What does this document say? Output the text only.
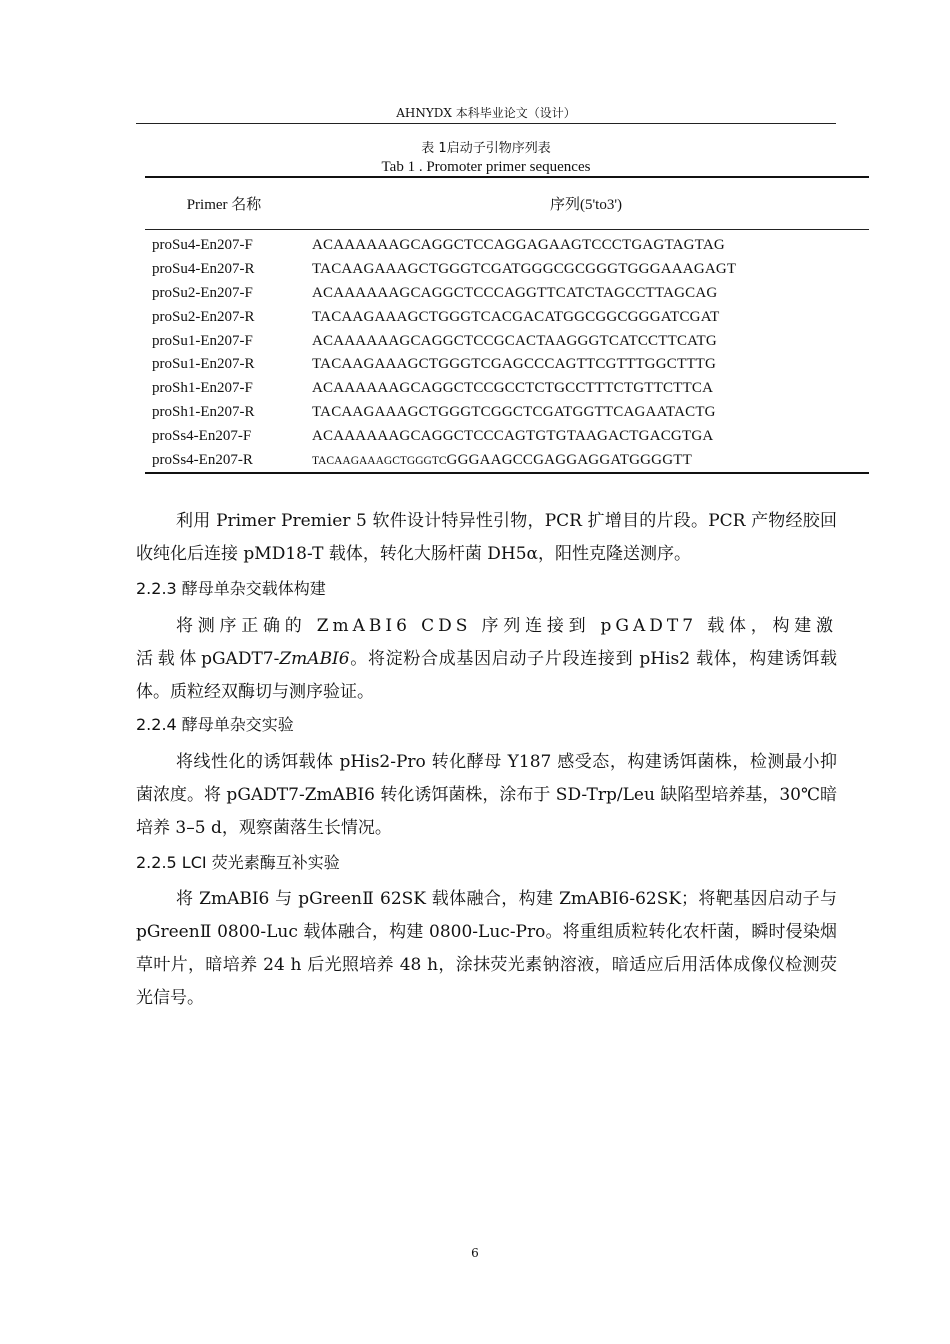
AHNYDX 本科毕业论文（设计）
表 1启动子引物序列表
Tab 1 . Promoter primer sequences
Primer 名称	序列(5'to3')
proSu4-En207-F	ACAAAAAAGCAGGCTCCAGGAGAAGTCCCTGAGTAGTAG
proSu4-En207-R	TACAAGAAAGCTGGGTCGATGGGCGCGGGTGGGAAAGAGT
proSu2-En207-F	ACAAAAAAGCAGGCTCCCAGGTTCATCTAGCCTTAGCAG
proSu2-En207-R	TACAAGAAAGCTGGGTCACGACATGGCGGCGGGATCGAT
proSu1-En207-F	ACAAAAAAGCAGGCTCCGCACTAAGGGTCATCCTTCATG
proSu1-En207-R	TACAAGAAAGCTGGGTCGAGCCCAGTTCGTTTGGCTTTG
proSh1-En207-F	ACAAAAAAGCAGGCTCCGCCTCTGCCTTTCTGTTCTTCA
proSh1-En207-R	TACAAGAAAGCTGGGTCGGCTCGATGGTTCAGAATACTG
proSs4-En207-F	ACAAAAAAGCAGGCTCCCAGTGTGTAAGACTGACGTGA
proSs4-En207-R	TACAAGAAAGCTGGGTCGGGAAGCCGAGGAGGATGGGGTT

利用 Primer Premier 5 软件设计特异性引物，PCR 扩增目的片段。PCR 产物经胶回收纯化后连接 pMD18-T 载体，转化大肠杆菌 DH5α，阳性克隆送测序。

2.2.3 酵母单杂交载体构建

将测序正确的 ZmABI6 CDS 序列连接到 pGADT7 载体，构建激活载体pGADT7-ZmABI6。将淀粉合成基因启动子片段连接到 pHis2 载体，构建诱饵载体。质粒经双酶切与测序验证。

2.2.4 酵母单杂交实验

将线性化的诱饵载体 pHis2-Pro 转化酵母 Y187 感受态，构建诱饵菌株，检测最小抑菌浓度。将 pGADT7-ZmABI6 转化诱饵菌株，涂布于 SD-Trp/Leu 缺陷型培养基，30℃暗培养 3–5 d，观察菌落生长情况。

2.2.5 LCI 荧光素酶互补实验

将 ZmABI6 与 pGreenⅡ 62SK 载体融合，构建 ZmABI6-62SK；将靶基因启动子与 pGreenⅡ 0800-Luc 载体融合，构建 0800-Luc-Pro。将重组质粒转化农杆菌，瞬时侵染烟草叶片，暗培养 24 h 后光照培养 48 h，涂抹荧光素钠溶液，暗适应后用活体成像仪检测荧光信号。

6
